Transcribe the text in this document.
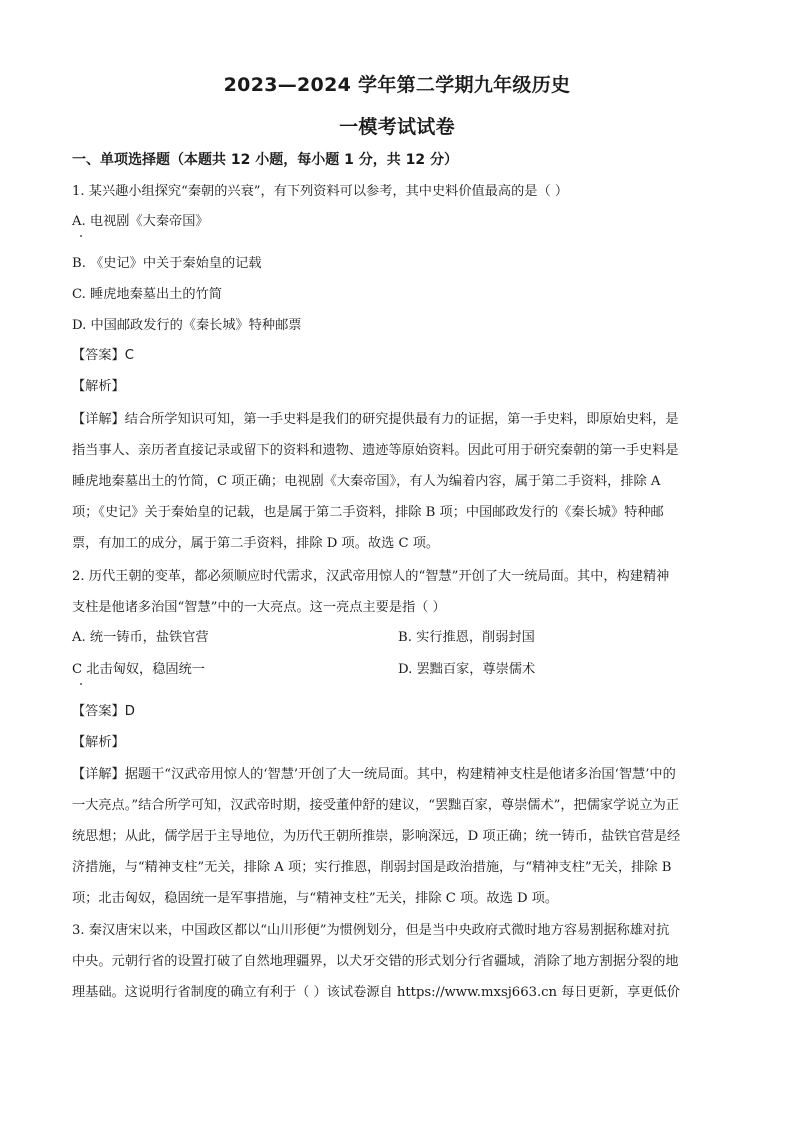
2023—2024 学年第二学期九年级历史
一模考试试卷
一、单项选择题（本题共 12 小题，每小题 1 分，共 12 分）
1. 某兴趣小组探究“秦朝的兴衰”，有下列资料可以参考，其中史料价值最高的是（ ）
A. 电视剧《大秦帝国》
B. 《史记》中关于秦始皇的记载
C. 睡虎地秦墓出土的竹简
D. 中国邮政发行的《秦长城》特种邮票
【答案】C
【解析】
【详解】结合所学知识可知，第一手史料是我们的研究提供最有力的证据，第一手史料，即原始史料，是
指当事人、亲历者直接记录或留下的资料和遗物、遗迹等原始资料。因此可用于研究秦朝的第一手史料是
睡虎地秦墓出土的竹简，C 项正确；电视剧《大秦帝国》，有人为编着内容，属于第二手资料，排除 A
项；《史记》关于秦始皇的记载，也是属于第二手资料，排除 B 项；中国邮政发行的《秦长城》特种邮
票，有加工的成分，属于第二手资料，排除 D 项。故选 C 项。
2. 历代王朝的变革，都必须顺应时代需求，汉武帝用惊人的“智慧”开创了大一统局面。其中，构建精神
支柱是他诸多治国“智慧”中的一大亮点。这一亮点主要是指（ ）
A. 统一铸币，盐铁官营	B. 实行推恩，削弱封国
C 北击匈奴，稳固统一	D. 罢黜百家，尊崇儒术
【答案】D
【解析】
【详解】据题干“汉武帝用惊人的‘智慧’开创了大一统局面。其中，构建精神支柱是他诸多治国‘智慧’中的
一大亮点。”结合所学可知，汉武帝时期，接受董仲舒的建议，“罢黜百家，尊崇儒术”，把儒家学说立为正
统思想；从此，儒学居于主导地位，为历代王朝所推崇，影响深远，D 项正确；统一铸币，盐铁官营是经
济措施，与“精神支柱”无关，排除 A 项；实行推恩，削弱封国是政治措施，与“精神支柱”无关，排除 B
项；北击匈奴，稳固统一是军事措施，与“精神支柱”无关，排除 C 项。故选 D 项。
3. 秦汉唐宋以来，中国政区都以“山川形便”为惯例划分，但是当中央政府式微时地方容易割据称雄对抗
中央。元朝行省的设置打破了自然地理疆界，以犬牙交错的形式划分行省疆域，消除了地方割据分裂的地
理基础。这说明行省制度的确立有利于（ ）该试卷源自 https://www.mxsj663.cn 每日更新，享更低价
